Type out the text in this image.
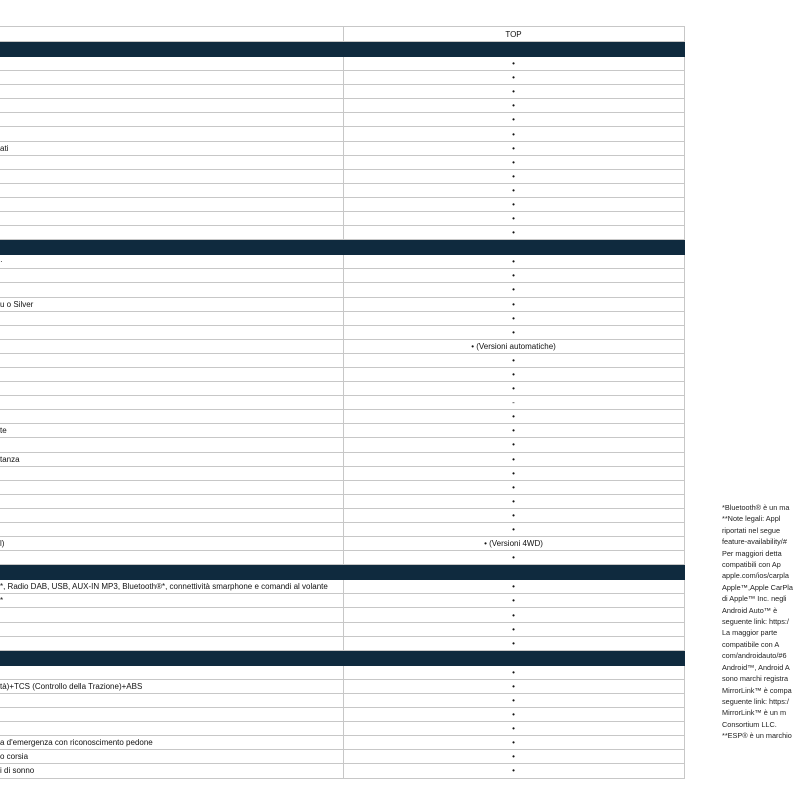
	TOP

	•
	•
	•
	•
	•
	•
ati	•
	•
	•
	•
	•
	•
	•

·	•
	•
	•
u o Silver	•
	•
	•
	• (Versioni automatiche)
	•
	•
	•
	-
	•
te	•
	•
tanza	•
	•
	•
	•
	•
	•
l)	• (Versioni 4WD)
	•

*, Radio DAB, USB, AUX-IN MP3, Bluetooth®*, connettività smarphone e comandi al volante	•
*	•
	•
	•
	•

	•
tà)+TCS (Controllo della Trazione)+ABS	•
	•
	•
	•
a d'emergenza con riconoscimento pedone	•
o corsia	•
i di sonno	•
*Bluetooth® è un ma
**Note legali: Appl
riportati nel segue
feature-availability/#
Per maggiori detta
compatibili con Ap
apple.com/ios/carpla
Apple™,Apple CarPla
di Apple™ Inc. negli
Android Auto™ è
seguente link: https:/
La maggior parte
compatibile con A
com/androidauto/#6
Android™, Android A
sono marchi registra
MirrorLink™ è compa
seguente link: https:/
MirrorLink™ è un m
Consortium LLC.
**ESP® è un marchio
